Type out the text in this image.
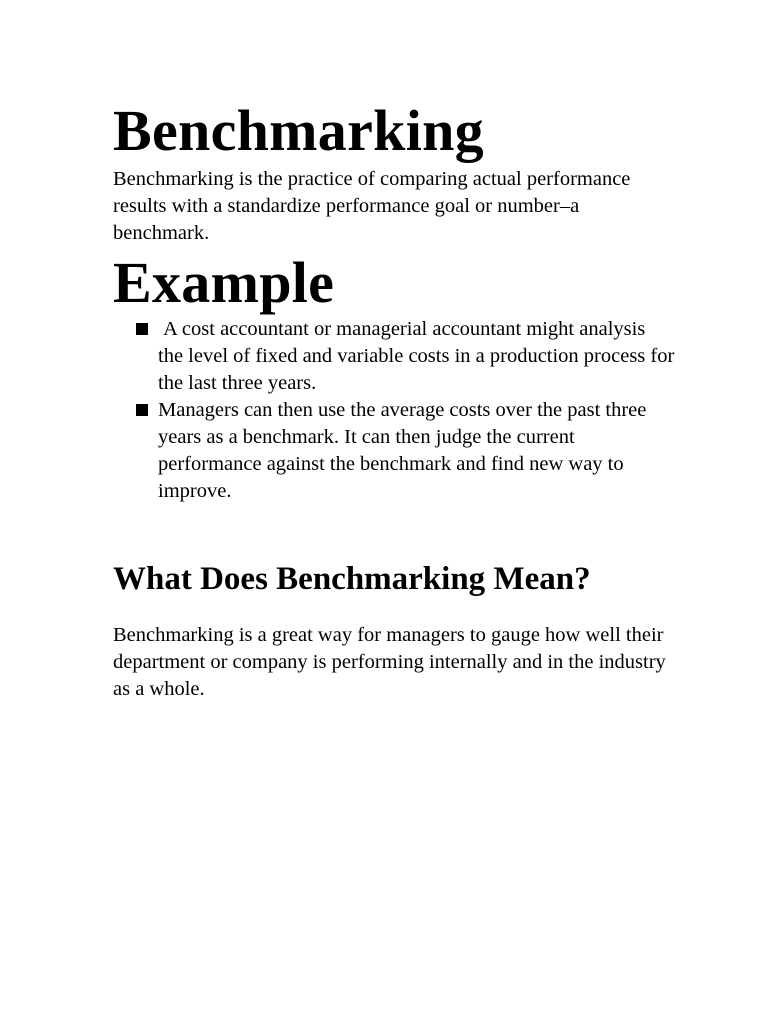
Benchmarking

Benchmarking is the practice of comparing actual performance results with a standardize performance goal or number–a benchmark.

Example
A cost accountant or managerial accountant might analysis the level of fixed and variable costs in a production process for the last three years.
Managers can then use the average costs over the past three years as a benchmark. It can then judge the current performance against the benchmark and find new way to improve.
What Does Benchmarking Mean?

Benchmarking is a great way for managers to gauge how well their department or company is performing internally and in the industry as a whole.
